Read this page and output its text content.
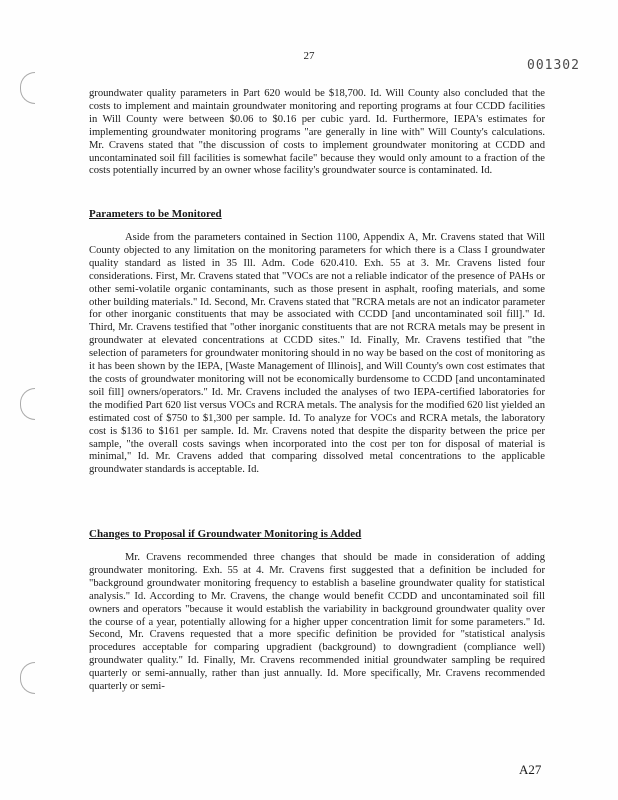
27
001302

groundwater quality parameters in Part 620 would be $18,700. Id. Will County also concluded that the costs to implement and maintain groundwater monitoring and reporting programs at four CCDD facilities in Will County were between $0.06 to $0.16 per cubic yard. Id. Furthermore, IEPA's estimates for implementing groundwater monitoring programs "are generally in line with" Will County's calculations. Mr. Cravens stated that "the discussion of costs to implement groundwater monitoring at CCDD and uncontaminated soil fill facilities is somewhat facile" because they would only amount to a fraction of the costs potentially incurred by an owner whose facility's groundwater source is contaminated. Id.

Parameters to be Monitored

Aside from the parameters contained in Section 1100, Appendix A, Mr. Cravens stated that Will County objected to any limitation on the monitoring parameters for which there is a Class I groundwater quality standard as listed in 35 Ill. Adm. Code 620.410. Exh. 55 at 3. Mr. Cravens listed four considerations. First, Mr. Cravens stated that "VOCs are not a reliable indicator of the presence of PAHs or other semi-volatile organic contaminants, such as those present in asphalt, roofing materials, and some other building materials." Id. Second, Mr. Cravens stated that "RCRA metals are not an indicator parameter for other inorganic constituents that may be associated with CCDD [and uncontaminated soil fill]." Id. Third, Mr. Cravens testified that "other inorganic constituents that are not RCRA metals may be present in groundwater at elevated concentrations at CCDD sites." Id. Finally, Mr. Cravens testified that "the selection of parameters for groundwater monitoring should in no way be based on the cost of monitoring as it has been shown by the IEPA, [Waste Management of Illinois], and Will County's own cost estimates that the costs of groundwater monitoring will not be economically burdensome to CCDD [and uncontaminated soil fill] owners/operators." Id. Mr. Cravens included the analyses of two IEPA-certified laboratories for the modified Part 620 list versus VOCs and RCRA metals. The analysis for the modified 620 list yielded an estimated cost of $750 to $1,300 per sample. Id. To analyze for VOCs and RCRA metals, the laboratory cost is $136 to $161 per sample. Id. Mr. Cravens noted that despite the disparity between the price per sample, "the overall costs savings when incorporated into the cost per ton for disposal of material is minimal," Id. Mr. Cravens added that comparing dissolved metal concentrations to the applicable groundwater standards is acceptable. Id.

Changes to Proposal if Groundwater Monitoring is Added

Mr. Cravens recommended three changes that should be made in consideration of adding groundwater monitoring. Exh. 55 at 4. Mr. Cravens first suggested that a definition be included for "background groundwater monitoring frequency to establish a baseline groundwater quality for statistical analysis." Id. According to Mr. Cravens, the change would benefit CCDD and uncontaminated soil fill owners and operators "because it would establish the variability in background groundwater quality over the course of a year, potentially allowing for a higher upper concentration limit for some parameters." Id. Second, Mr. Cravens requested that a more specific definition be provided for "statistical analysis procedures acceptable for comparing upgradient (background) to downgradient (compliance well) groundwater quality." Id. Finally, Mr. Cravens recommended initial groundwater sampling be required quarterly or semi-annually, rather than just annually. Id. More specifically, Mr. Cravens recommended quarterly or semi-

A27
